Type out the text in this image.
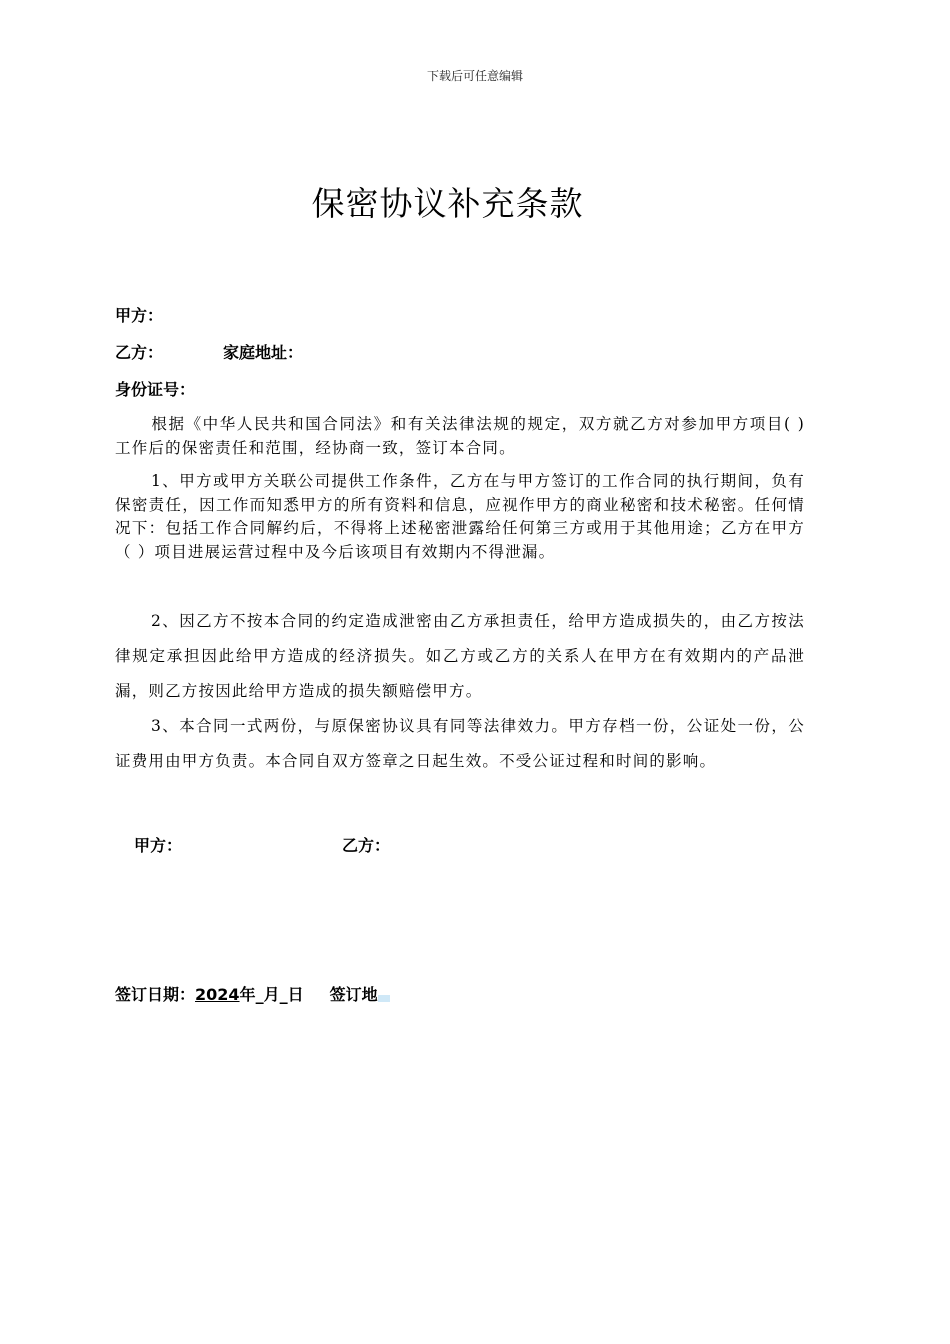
下载后可任意编辑
保密协议补充条款
甲方：
乙方：	家庭地址：
身份证号：

根据《中华人民共和国合同法》和有关法律法规的规定，双方就乙方对参加甲方项目( )工作后的保密责任和范围，经协商一致，签订本合同。

1、甲方或甲方关联公司提供工作条件，乙方在与甲方签订的工作合同的执行期间，负有保密责任，因工作而知悉甲方的所有资料和信息，应视作甲方的商业秘密和技术秘密。任何情况下：包括工作合同解约后，不得将上述秘密泄露给任何第三方或用于其他用途；乙方在甲方（ ）项目进展运营过程中及今后该项目有效期内不得泄漏。

2、因乙方不按本合同的约定造成泄密由乙方承担责任，给甲方造成损失的，由乙方按法律规定承担因此给甲方造成的经济损失。如乙方或乙方的关系人在甲方在有效期内的产品泄漏，则乙方按因此给甲方造成的损失额赔偿甲方。

3、本合同一式两份，与原保密协议具有同等法律效力。甲方存档一份，公证处一份，公证费用由甲方负责。本合同自双方签章之日起生效。不受公证过程和时间的影响。

甲方：	乙方：
签订日期：2024年_月_日 签订地
